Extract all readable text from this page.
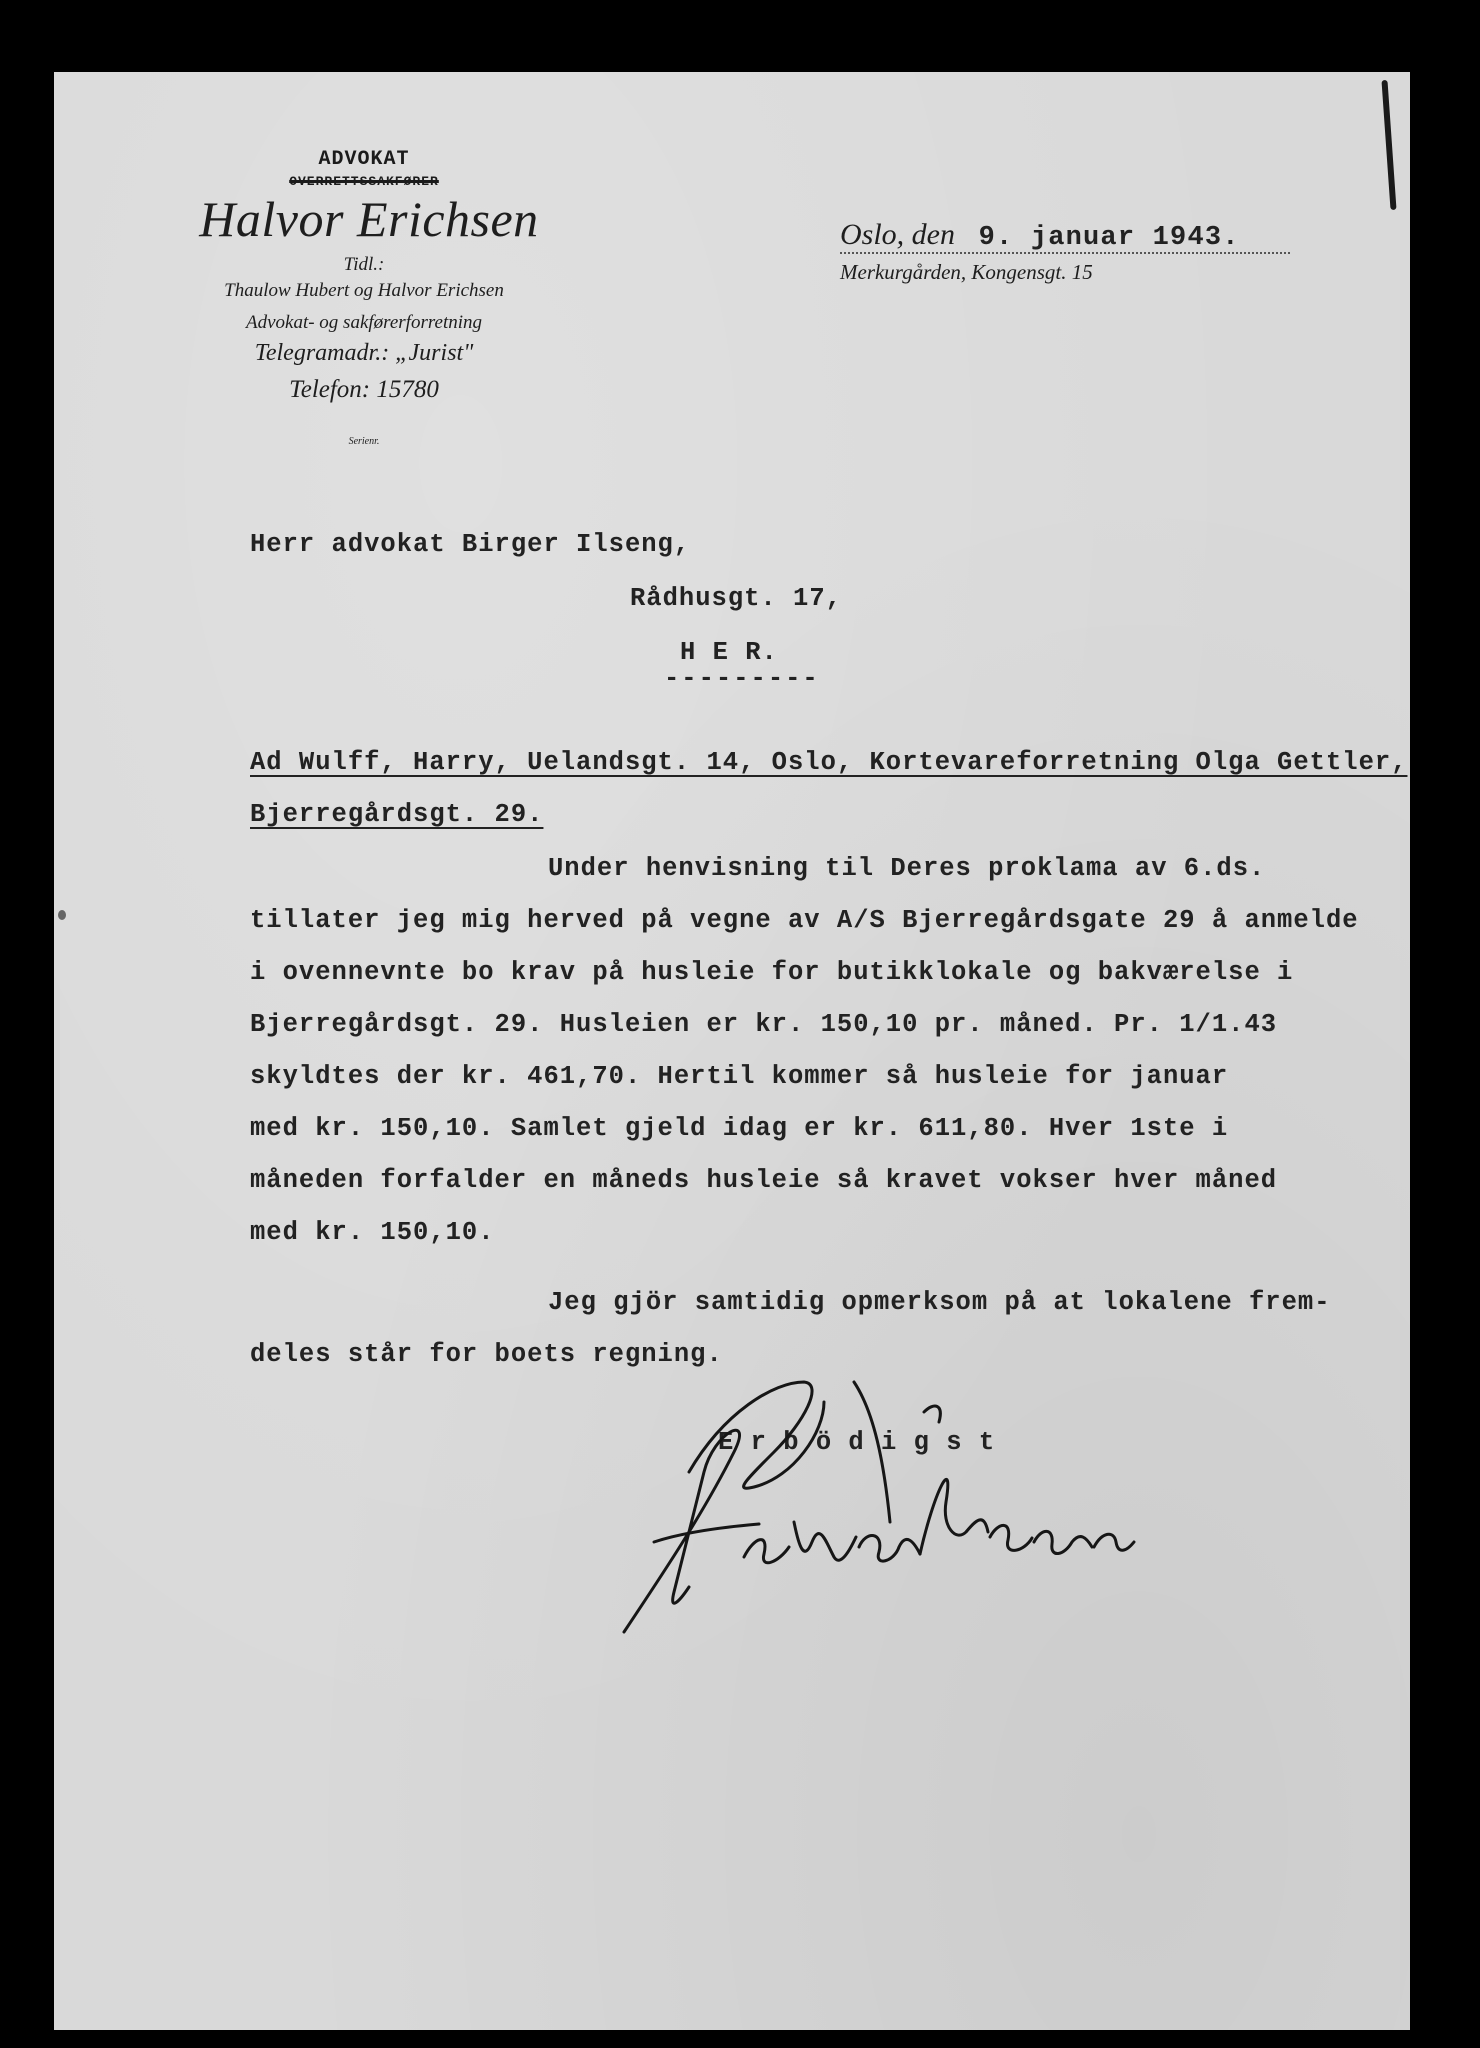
ADVOKAT
OVERRETTSSAKFØRER
Halvor Erichsen
Tidl.:
Thaulow Hubert og Halvor Erichsen
Advokat- og sakførerforretning
Telegramadr.: „Jurist"
Telefon: 15780
Serienr.
Oslo, den 9. januar 1943.
Merkurgården, Kongensgt. 15
Herr advokat Birger Ilseng,
Rådhusgt. 17,
H E R.
---------
Ad Wulff, Harry, Uelandsgt. 14, Oslo, Kortevareforretning Olga Gettler,
Bjerregårdsgt. 29.
Under henvisning til Deres proklama av 6.ds.
tillater jeg mig herved på vegne av A/S Bjerregårdsgate 29 å anmelde
i ovennevnte bo krav på husleie for butikklokale og bakværelse i
Bjerregårdsgt. 29. Husleien er kr. 150,10 pr. måned. Pr. 1/1.43
skyldtes der kr. 461,70. Hertil kommer så husleie for januar
med kr. 150,10. Samlet gjeld idag er kr. 611,80. Hver 1ste i
måneden forfalder en måneds husleie så kravet vokser hver måned
med kr. 150,10.
Jeg gjör samtidig opmerksom på at lokalene frem-
deles står for boets regning.
E r b ö d i g s t
